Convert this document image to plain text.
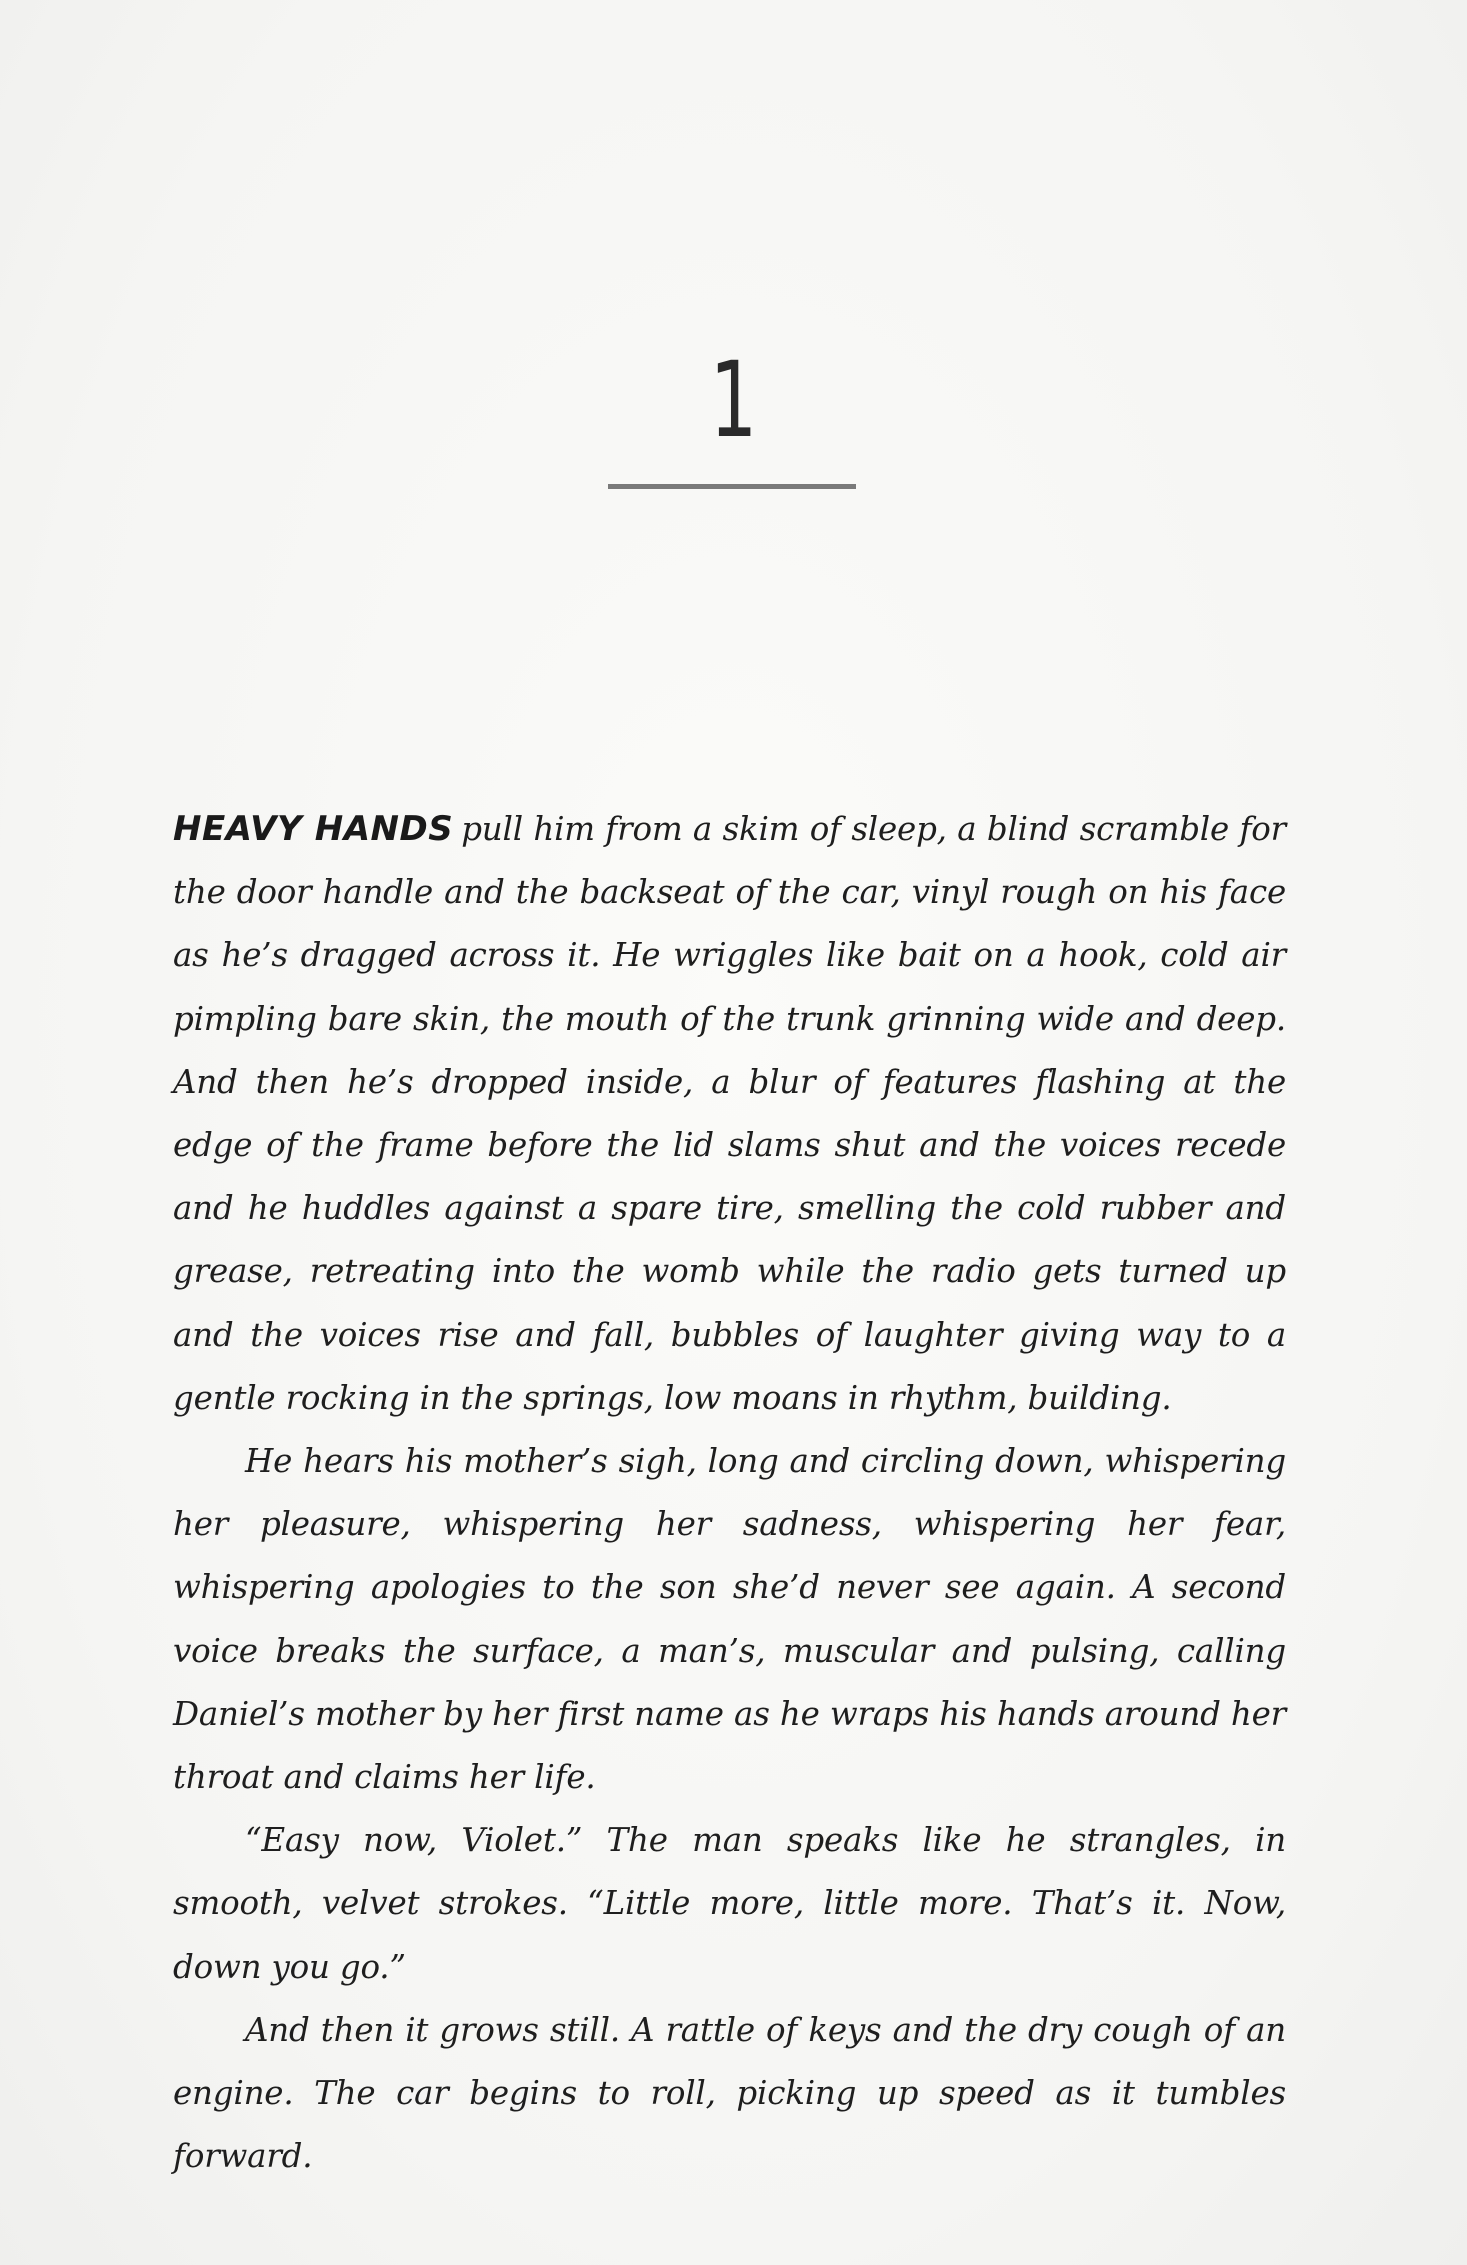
1

HEAVY HANDS pull him from a skim of sleep, a blind scramble for the door handle and the backseat of the car, vinyl rough on his face as he’s dragged across it. He wriggles like bait on a hook, cold air pimpling bare skin, the mouth of the trunk grinning wide and deep. And then he’s dropped inside, a blur of features flashing at the edge of the frame before the lid slams shut and the voices recede and he huddles against a spare tire, smelling the cold rubber and grease, retreating into the womb while the radio gets turned up and the voices rise and fall, bubbles of laughter giving way to a gentle rocking in the springs, low moans in rhythm, building.

He hears his mother’s sigh, long and circling down, whispering her pleasure, whispering her sadness, whispering her fear, whispering apologies to the son she’d never see again. A second voice breaks the surface, a man’s, muscular and pulsing, calling Daniel’s mother by her first name as he wraps his hands around her throat and claims her life.

“Easy now, Violet.” The man speaks like he strangles, in smooth, velvet strokes. “Little more, little more. That’s it. Now, down you go.”

And then it grows still. A rattle of keys and the dry cough of an engine. The car begins to roll, picking up speed as it tumbles forward.
